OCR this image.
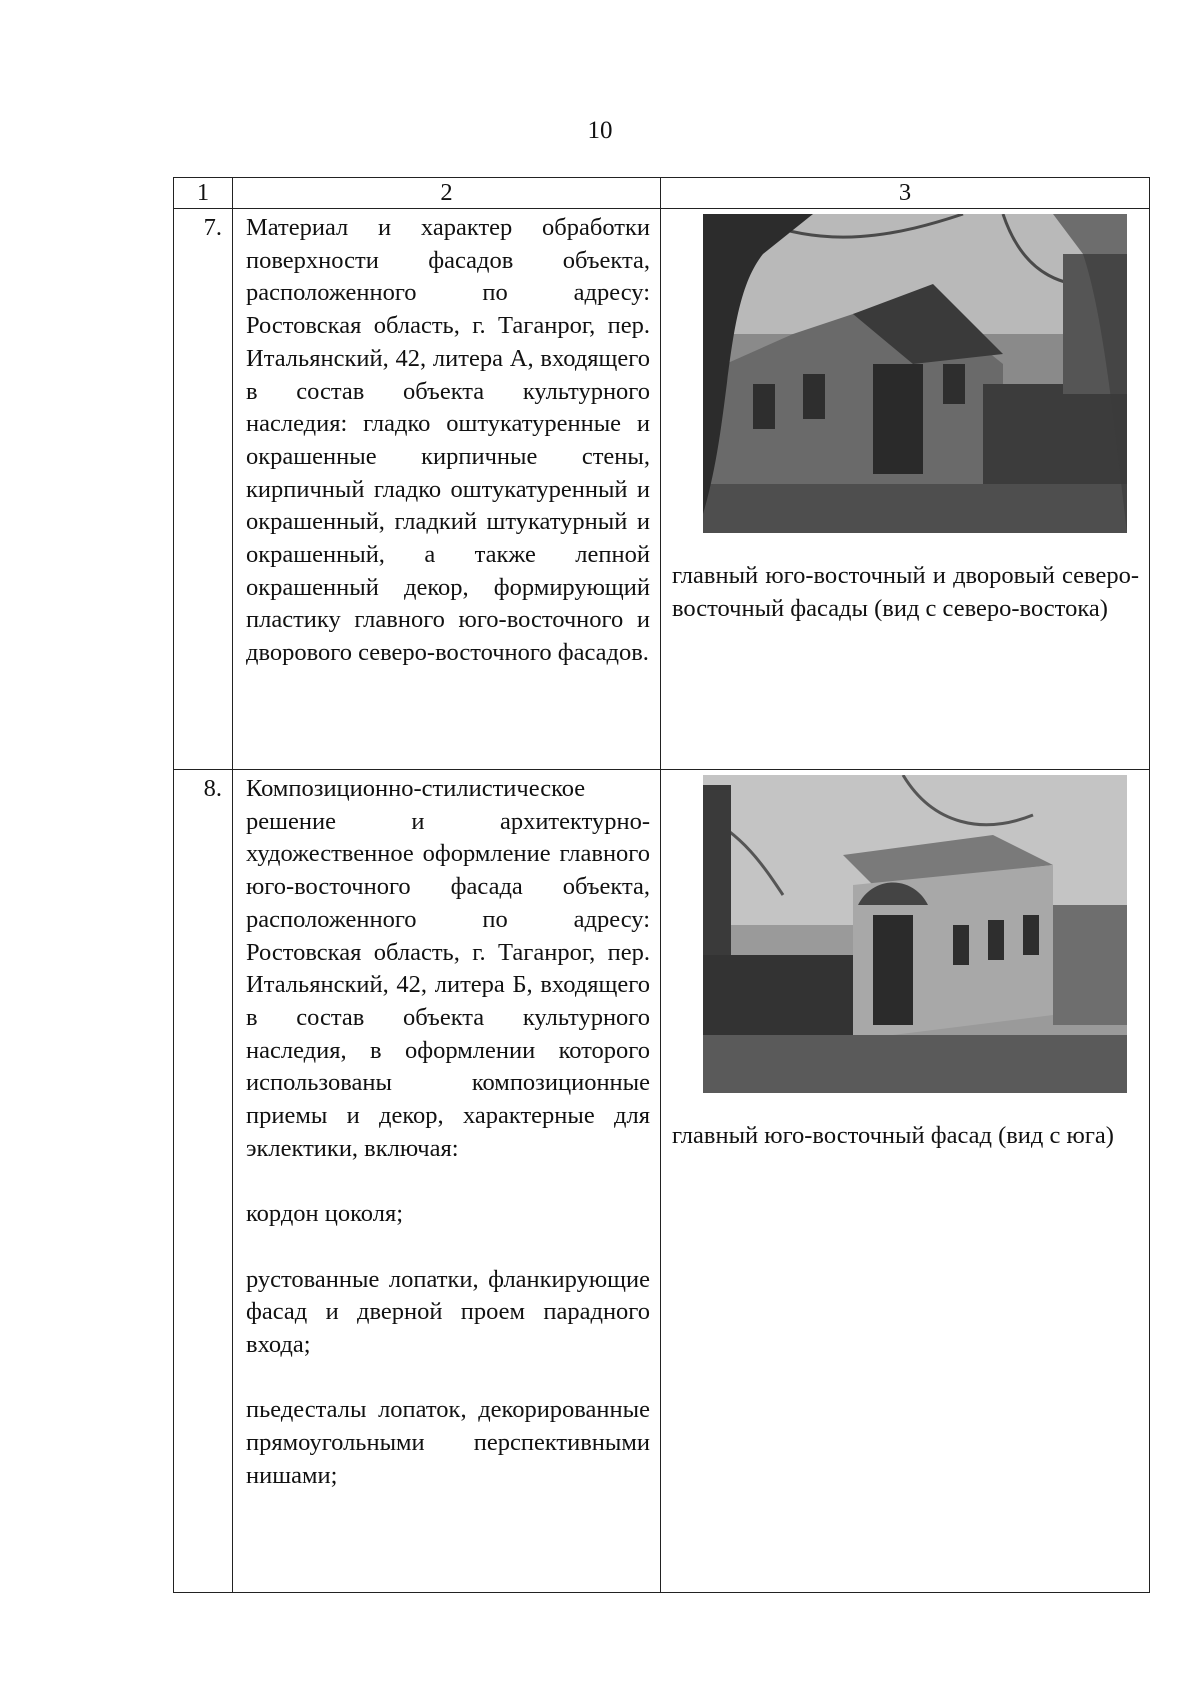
10
1	2	3
7.	Материал и характер обработки поверхности фасадов объекта, расположенного по адресу: Ростовская область, г. Таганрог, пер. Итальянский, 42, литера А, входящего в состав объекта культурного наследия: гладко оштукатуренные и окрашенные кирпичные стены, кирпичный гладко оштукатуренный и окрашенный, гладкий штукатурный и окрашенный, а также лепной окрашенный декор, формирующий пластику главного юго-восточного и дворового северо-восточного фасадов.	главный юго-восточный и дворовый северо-восточный фасады (вид с северо-востока)

8.	Композиционно-стилистическое решение и архитектурно-художественное оформление главного юго-восточного фасада объекта, расположенного по адресу: Ростовская область, г. Таганрог, пер. Итальянский, 42, литера Б, входящего в состав объекта культурного наследия, в оформлении которого использованы композиционные приемы и декор, характерные для эклектики, включая:

кордон цоколя;

рустованные лопатки, фланкирующие фасад и дверной проем парадного входа;

пьедесталы лопаток, декорированные прямоугольными перспективными нишами;	главный юго-восточный фасад (вид с юга)
